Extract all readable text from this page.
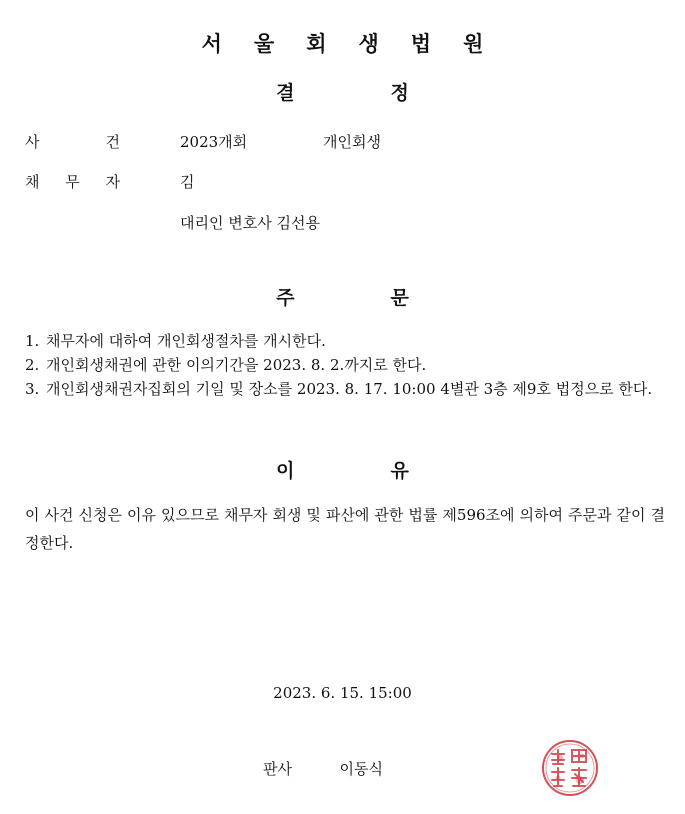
서 울 회 생 법 원
결	정
사	건	2023개회	개인회생
채 무 자	김
대리인 변호사 김선용
주	문
1. 채무자에 대하여 개인회생절차를 개시한다.
2. 개인회생채권에 관한 이의기간을 2023. 8. 2.까지로 한다.
3. 개인회생채권자집회의 기일 및 장소를 2023. 8. 17. 10:00 4별관 3층 제9호 법정으로 한다.
이	유
이 사건 신청은 이유 있으므로 채무자 회생 및 파산에 관한 법률 제596조에 의하여 주문과 같이 결정한다.
2023. 6. 15. 15:00
판사	이동식
